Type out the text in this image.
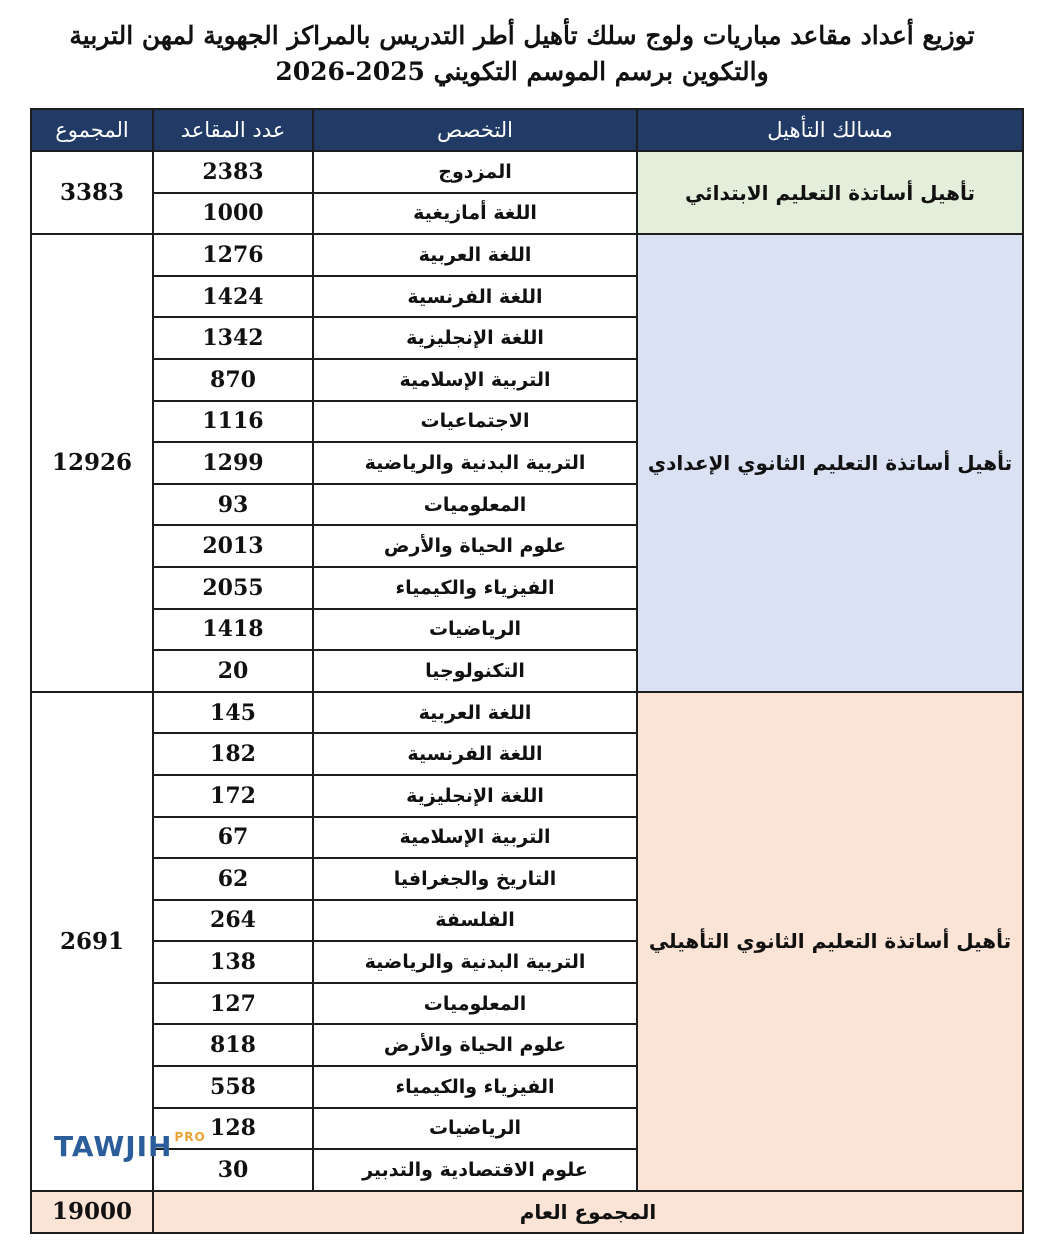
توزيع أعداد مقاعد مباريات ولوج سلك تأهيل أطر التدريس بالمراكز الجهوية لمهن التربية والتكوين برسم الموسم التكويني 2025-2026
مسالك التأهيل	التخصص	عدد المقاعد	المجموع
تأهيل أساتذة التعليم الابتدائي	المزدوج	2383	3383
	اللغة أمازيغية	1000	
تأهيل أساتذة التعليم الثانوي الإعدادي	اللغة العربية	1276	12926
	اللغة الفرنسية	1424	
	اللغة الإنجليزية	1342	
	التربية الإسلامية	870	
	الاجتماعيات	1116	
	التربية البدنية والرياضية	1299	
	المعلوميات	93	
	علوم الحياة والأرض	2013	
	الفيزياء والكيمياء	2055	
	الرياضيات	1418	
	التكنولوجيا	20	
تأهيل أساتذة التعليم الثانوي التأهيلي	اللغة العربية	145	2691
	اللغة الفرنسية	182	
	اللغة الإنجليزية	172	
	التربية الإسلامية	67	
	التاريخ والجغرافيا	62	
	الفلسفة	264	
	التربية البدنية والرياضية	138	
	المعلوميات	127	
	علوم الحياة والأرض	818	
	الفيزياء والكيمياء	558	
	الرياضيات	128	
	علوم الاقتصادية والتدبير	30	
المجموع العام			19000
TAWJIH $^{PRO}$
